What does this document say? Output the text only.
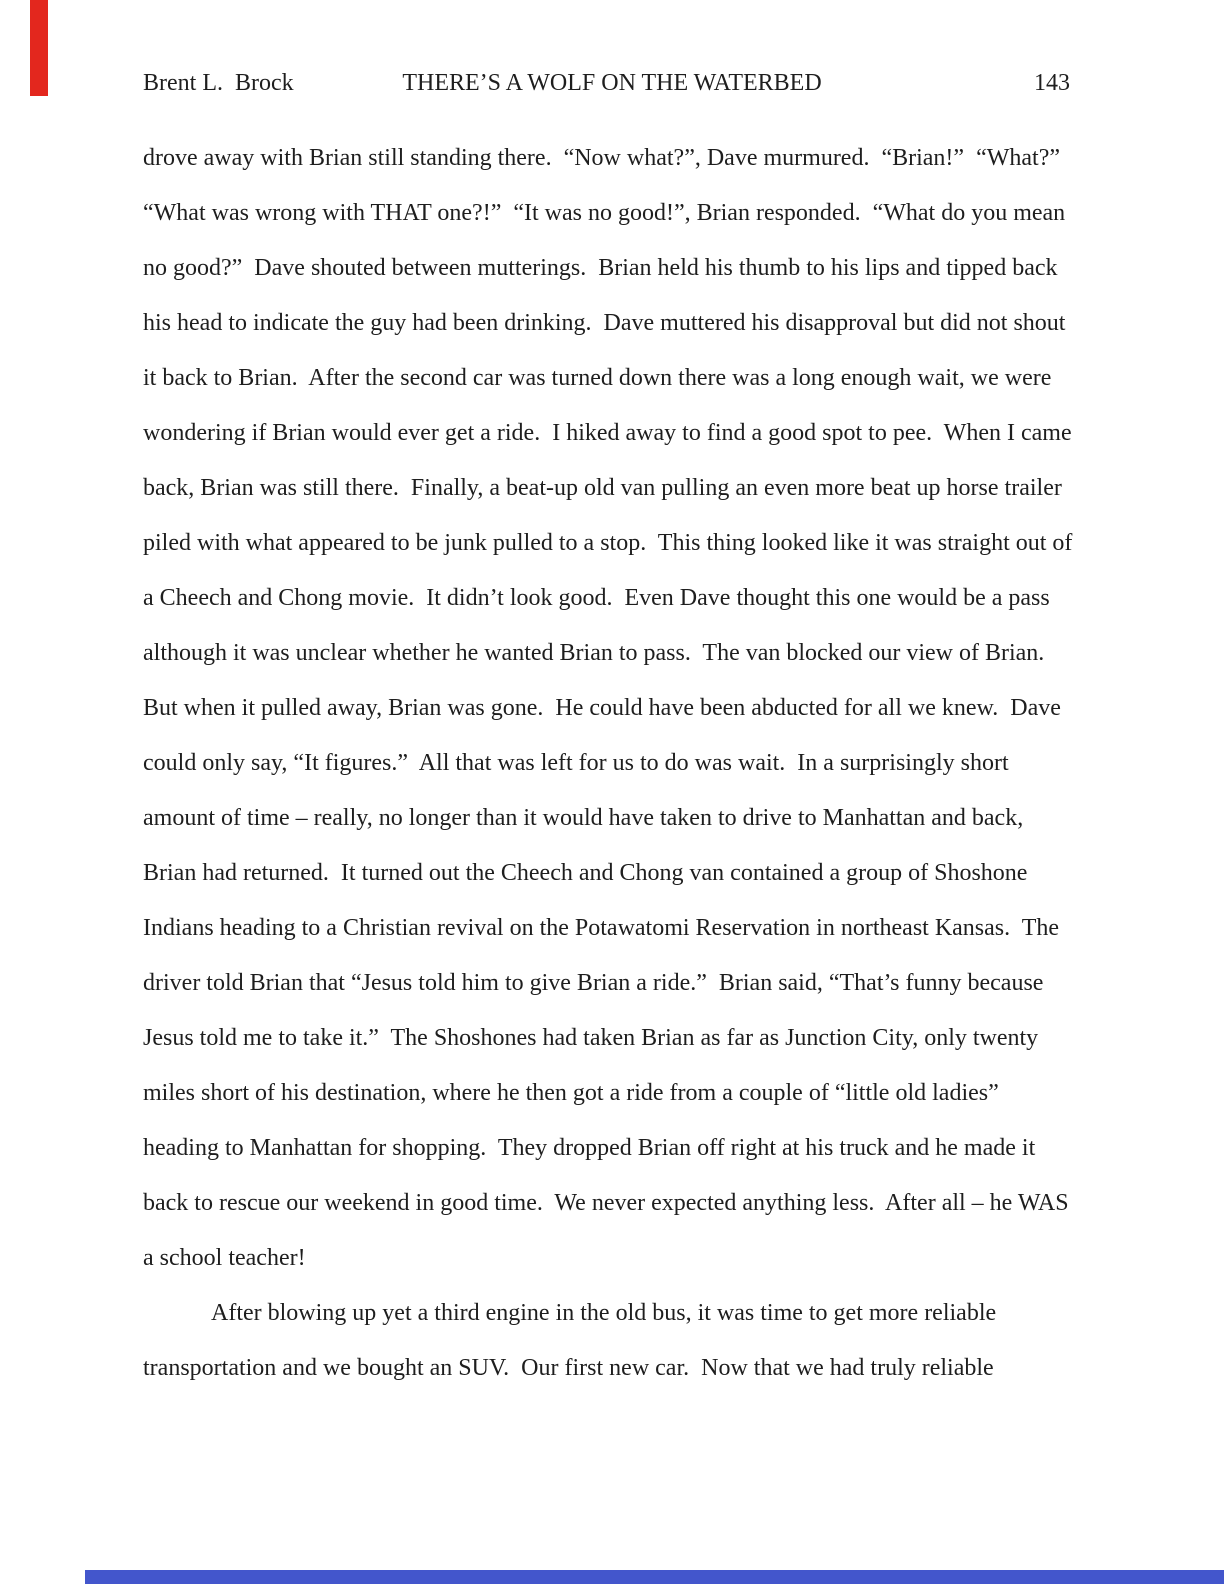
Brent L.  Brock	THERE’S A WOLF ON THE WATERBED	143
drove away with Brian still standing there.  “Now what?”, Dave murmured.  “Brian!”  “What?”
“What was wrong with THAT one?!”  “It was no good!”, Brian responded.  “What do you mean
no good?”  Dave shouted between mutterings.  Brian held his thumb to his lips and tipped back
his head to indicate the guy had been drinking.  Dave muttered his disapproval but did not shout
it back to Brian.  After the second car was turned down there was a long enough wait, we were
wondering if Brian would ever get a ride.  I hiked away to find a good spot to pee.  When I came
back, Brian was still there.  Finally, a beat-up old van pulling an even more beat up horse trailer
piled with what appeared to be junk pulled to a stop.  This thing looked like it was straight out of
a Cheech and Chong movie.  It didn’t look good.  Even Dave thought this one would be a pass
although it was unclear whether he wanted Brian to pass.  The van blocked our view of Brian.
But when it pulled away, Brian was gone.  He could have been abducted for all we knew.  Dave
could only say, “It figures.”  All that was left for us to do was wait.  In a surprisingly short
amount of time – really, no longer than it would have taken to drive to Manhattan and back,
Brian had returned.  It turned out the Cheech and Chong van contained a group of Shoshone
Indians heading to a Christian revival on the Potawatomi Reservation in northeast Kansas.  The
driver told Brian that “Jesus told him to give Brian a ride.”  Brian said, “That’s funny because
Jesus told me to take it.”  The Shoshones had taken Brian as far as Junction City, only twenty
miles short of his destination, where he then got a ride from a couple of “little old ladies”
heading to Manhattan for shopping.  They dropped Brian off right at his truck and he made it
back to rescue our weekend in good time.  We never expected anything less.  After all – he WAS
a school teacher!
After blowing up yet a third engine in the old bus, it was time to get more reliable
transportation and we bought an SUV.  Our first new car.  Now that we had truly reliable
